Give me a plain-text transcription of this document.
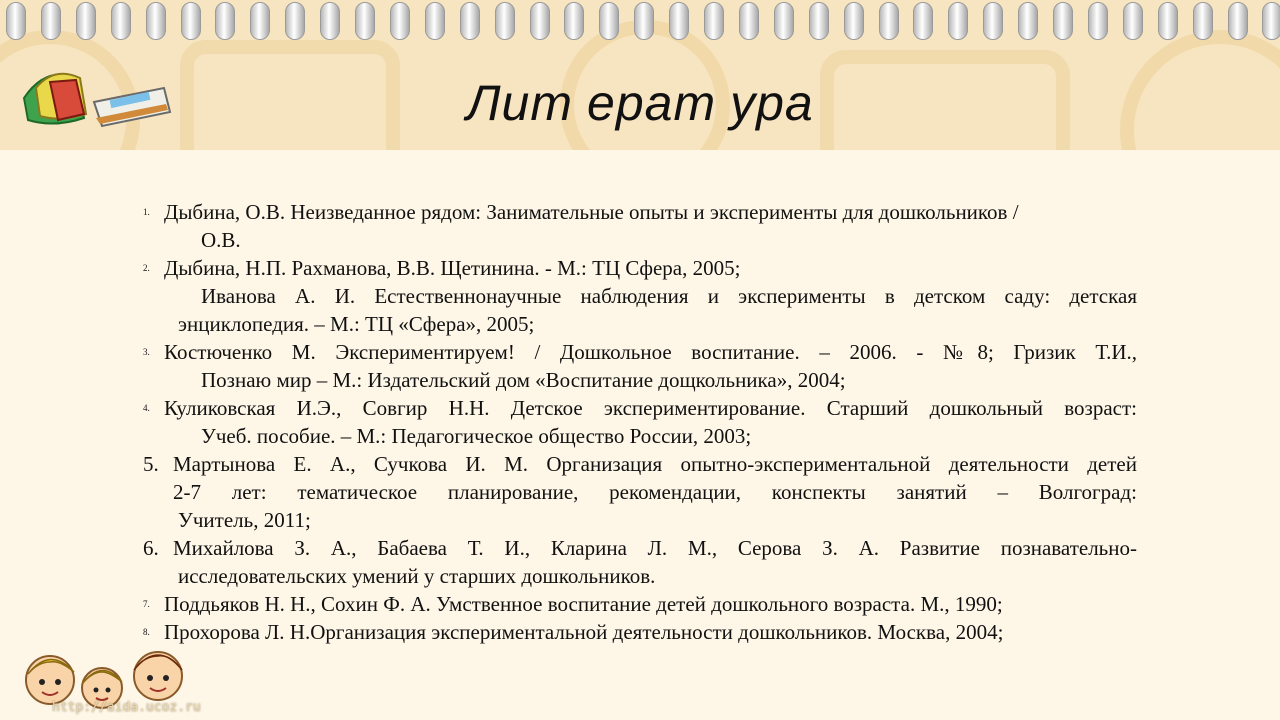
Лит ерат ура
1. Дыбина, О.В. Неизведанное рядом: Занимательные опыты и эксперименты для дошкольников /
О.В.
2. Дыбина, Н.П. Рахманова, В.В. Щетинина. - М.: ТЦ Сфера, 2005;
Иванова А. И. Естественнонаучные наблюдения и эксперименты в детском саду: детская
энциклопедия. – М.: ТЦ «Сфера», 2005;
3. Костюченко М. Экспериментируем! / Дошкольное воспитание. – 2006. - №8; Гризик Т.И.,
Познаю мир – М.: Издательский дом «Воспитание дощкольника», 2004;
4. Куликовская И.Э., Совгир Н.Н. Детское экспериментирование. Старший дошкольный возраст:
Учеб. пособие. – М.: Педагогическое общество России, 2003;
5. Мартынова Е. А., Сучкова И. М. Организация опытно-экспериментальной деятельности детей
2-7 лет: тематическое планирование, рекомендации, конспекты занятий – Волгоград:
Учитель, 2011;
6. Михайлова З. А., Бабаева Т. И., Кларина Л. М., Серова З. А. Развитие познавательно-
исследовательских умений у старших дошкольников.
7. Поддьяков Н. Н., Сохин Ф. А. Умственное воспитание детей дошкольного возраста. М., 1990;
8. Прохорова Л. Н.Организация экспериментальной деятельности дошкольников. Москва, 2004;
http://aida.ucoz.ru
